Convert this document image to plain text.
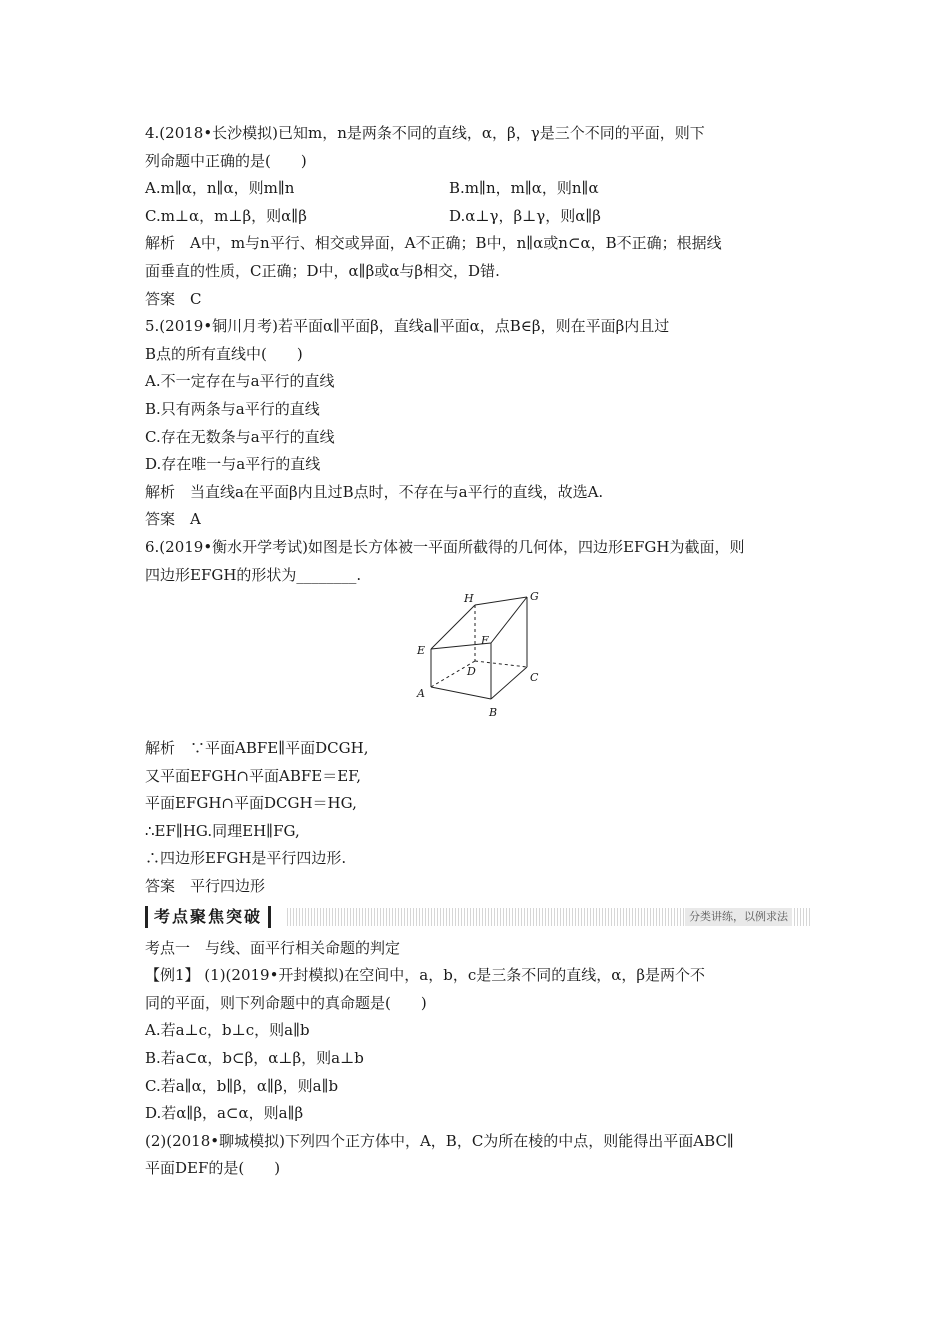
4.(2018•长沙模拟)已知m，n是两条不同的直线，α，β，γ是三个不同的平面，则下
列命题中正确的是(　　)
A.m∥α，n∥α，则m∥n	B.m∥n，m∥α，则n∥α
C.m⊥α，m⊥β，则α∥β	D.α⊥γ，β⊥γ，则α∥β
解析　A中，m与n平行、相交或异面，A不正确；B中，n∥α或n⊂α，B不正确；根据线
面垂直的性质，C正确；D中，α∥β或α与β相交，D错.
答案　C
5.(2019•铜川月考)若平面α∥平面β，直线a∥平面α，点B∈β，则在平面β内且过
B点的所有直线中(　　)
A.不一定存在与a平行的直线
B.只有两条与a平行的直线
C.存在无数条与a平行的直线
D.存在唯一与a平行的直线
解析　当直线a在平面β内且过B点时，不存在与a平行的直线，故选A.
答案　A
6.(2019•衡水开学考试)如图是长方体被一平面所截得的几何体，四边形EFGH为截面，则
四边形EFGH的形状为________.
H	G
E
F
D	C
A
B
解析　∵平面ABFE∥平面DCGH,
又平面EFGH∩平面ABFE＝EF,
平面EFGH∩平面DCGH＝HG,
∴EF∥HG.同理EH∥FG,
∴四边形EFGH是平行四边形.
答案　平行四边形
考点聚焦突破	分类讲练，以例求法
考点一　与线、面平行相关命题的判定
【例1】 (1)(2019•开封模拟)在空间中，a，b，c是三条不同的直线，α，β是两个不
同的平面，则下列命题中的真命题是(　　)
A.若a⊥c，b⊥c，则a∥b
B.若a⊂α，b⊂β，α⊥β，则a⊥b
C.若a∥α，b∥β，α∥β，则a∥b
D.若α∥β，a⊂α，则a∥β
(2)(2018•聊城模拟)下列四个正方体中，A，B，C为所在棱的中点，则能得出平面ABC∥
平面DEF的是(　　)
